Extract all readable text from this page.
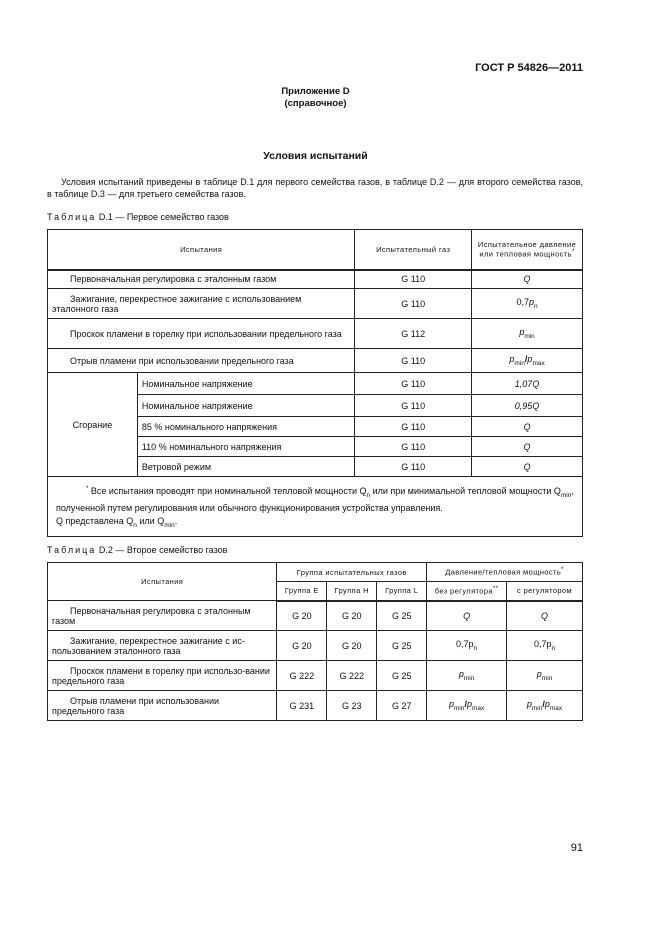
ГОСТ Р 54826—2011
Приложение D
(справочное)
Условия испытаний
Условия испытаний приведены в таблице D.1 для первого семейства газов, в таблице D.2 — для второго семейства газов, в таблице D.3 — для третьего семейства газов.
Таблица D.1 — Первое семейство газов
Испытания		Испытательный газ	Испытательное давление или тепловая мощность*
Первоначальная регулировка с эталонным газом		G 110	Q
Зажигание, перекрестное зажигание с использованием эталонного газа		G 110	$0,7p_n$
Проскок пламени в горелку при использовании предельного газа		G 112	$p_{min}$
Отрыв пламени при использовании предельного газа		G 110	$p_{min}/p_{max}$
Сгорание	Номинальное напряжение	G 110	1,07Q
	Номинальное напряжение	G 110	0,95Q
	85 % номинального напряжения	G 110	Q
	110 % номинального напряжения	G 110	Q
	Ветровой режим	G 110	Q
* Все испытания проводят при номинальной тепловой мощности $Q_n$ или при минимальной тепловой мощности $Q_{min}$, полученной путем регулирования или обычного функционирования устройства управления.
Q представлена $Q_n$ или $Q_{min}$.			
Таблица D.2 — Второе семейство газов
Испытания	Группа испытательных газов			Давление/тепловая мощность*
	Группа E	Группа H	Группа L	без регулятора**	с регулятором
Первоначальная регулировка с эталонным газом	G 20	G 20	G 25	Q	Q
Зажигание, перекрестное зажигание с ис-пользованием эталонного газа	G 20	G 20	G 25	$0,7p_n$	$0,7p_n$
Проскок пламени в горелку при использо-вании предельного газа	G 222	G 222	G 25	$p_{min}$	$p_{min}$
Отрыв пламени при использовании предельного газа	G 231	G 23	G 27	$p_{min}/p_{max}$	$p_{min}/p_{max}$
91
